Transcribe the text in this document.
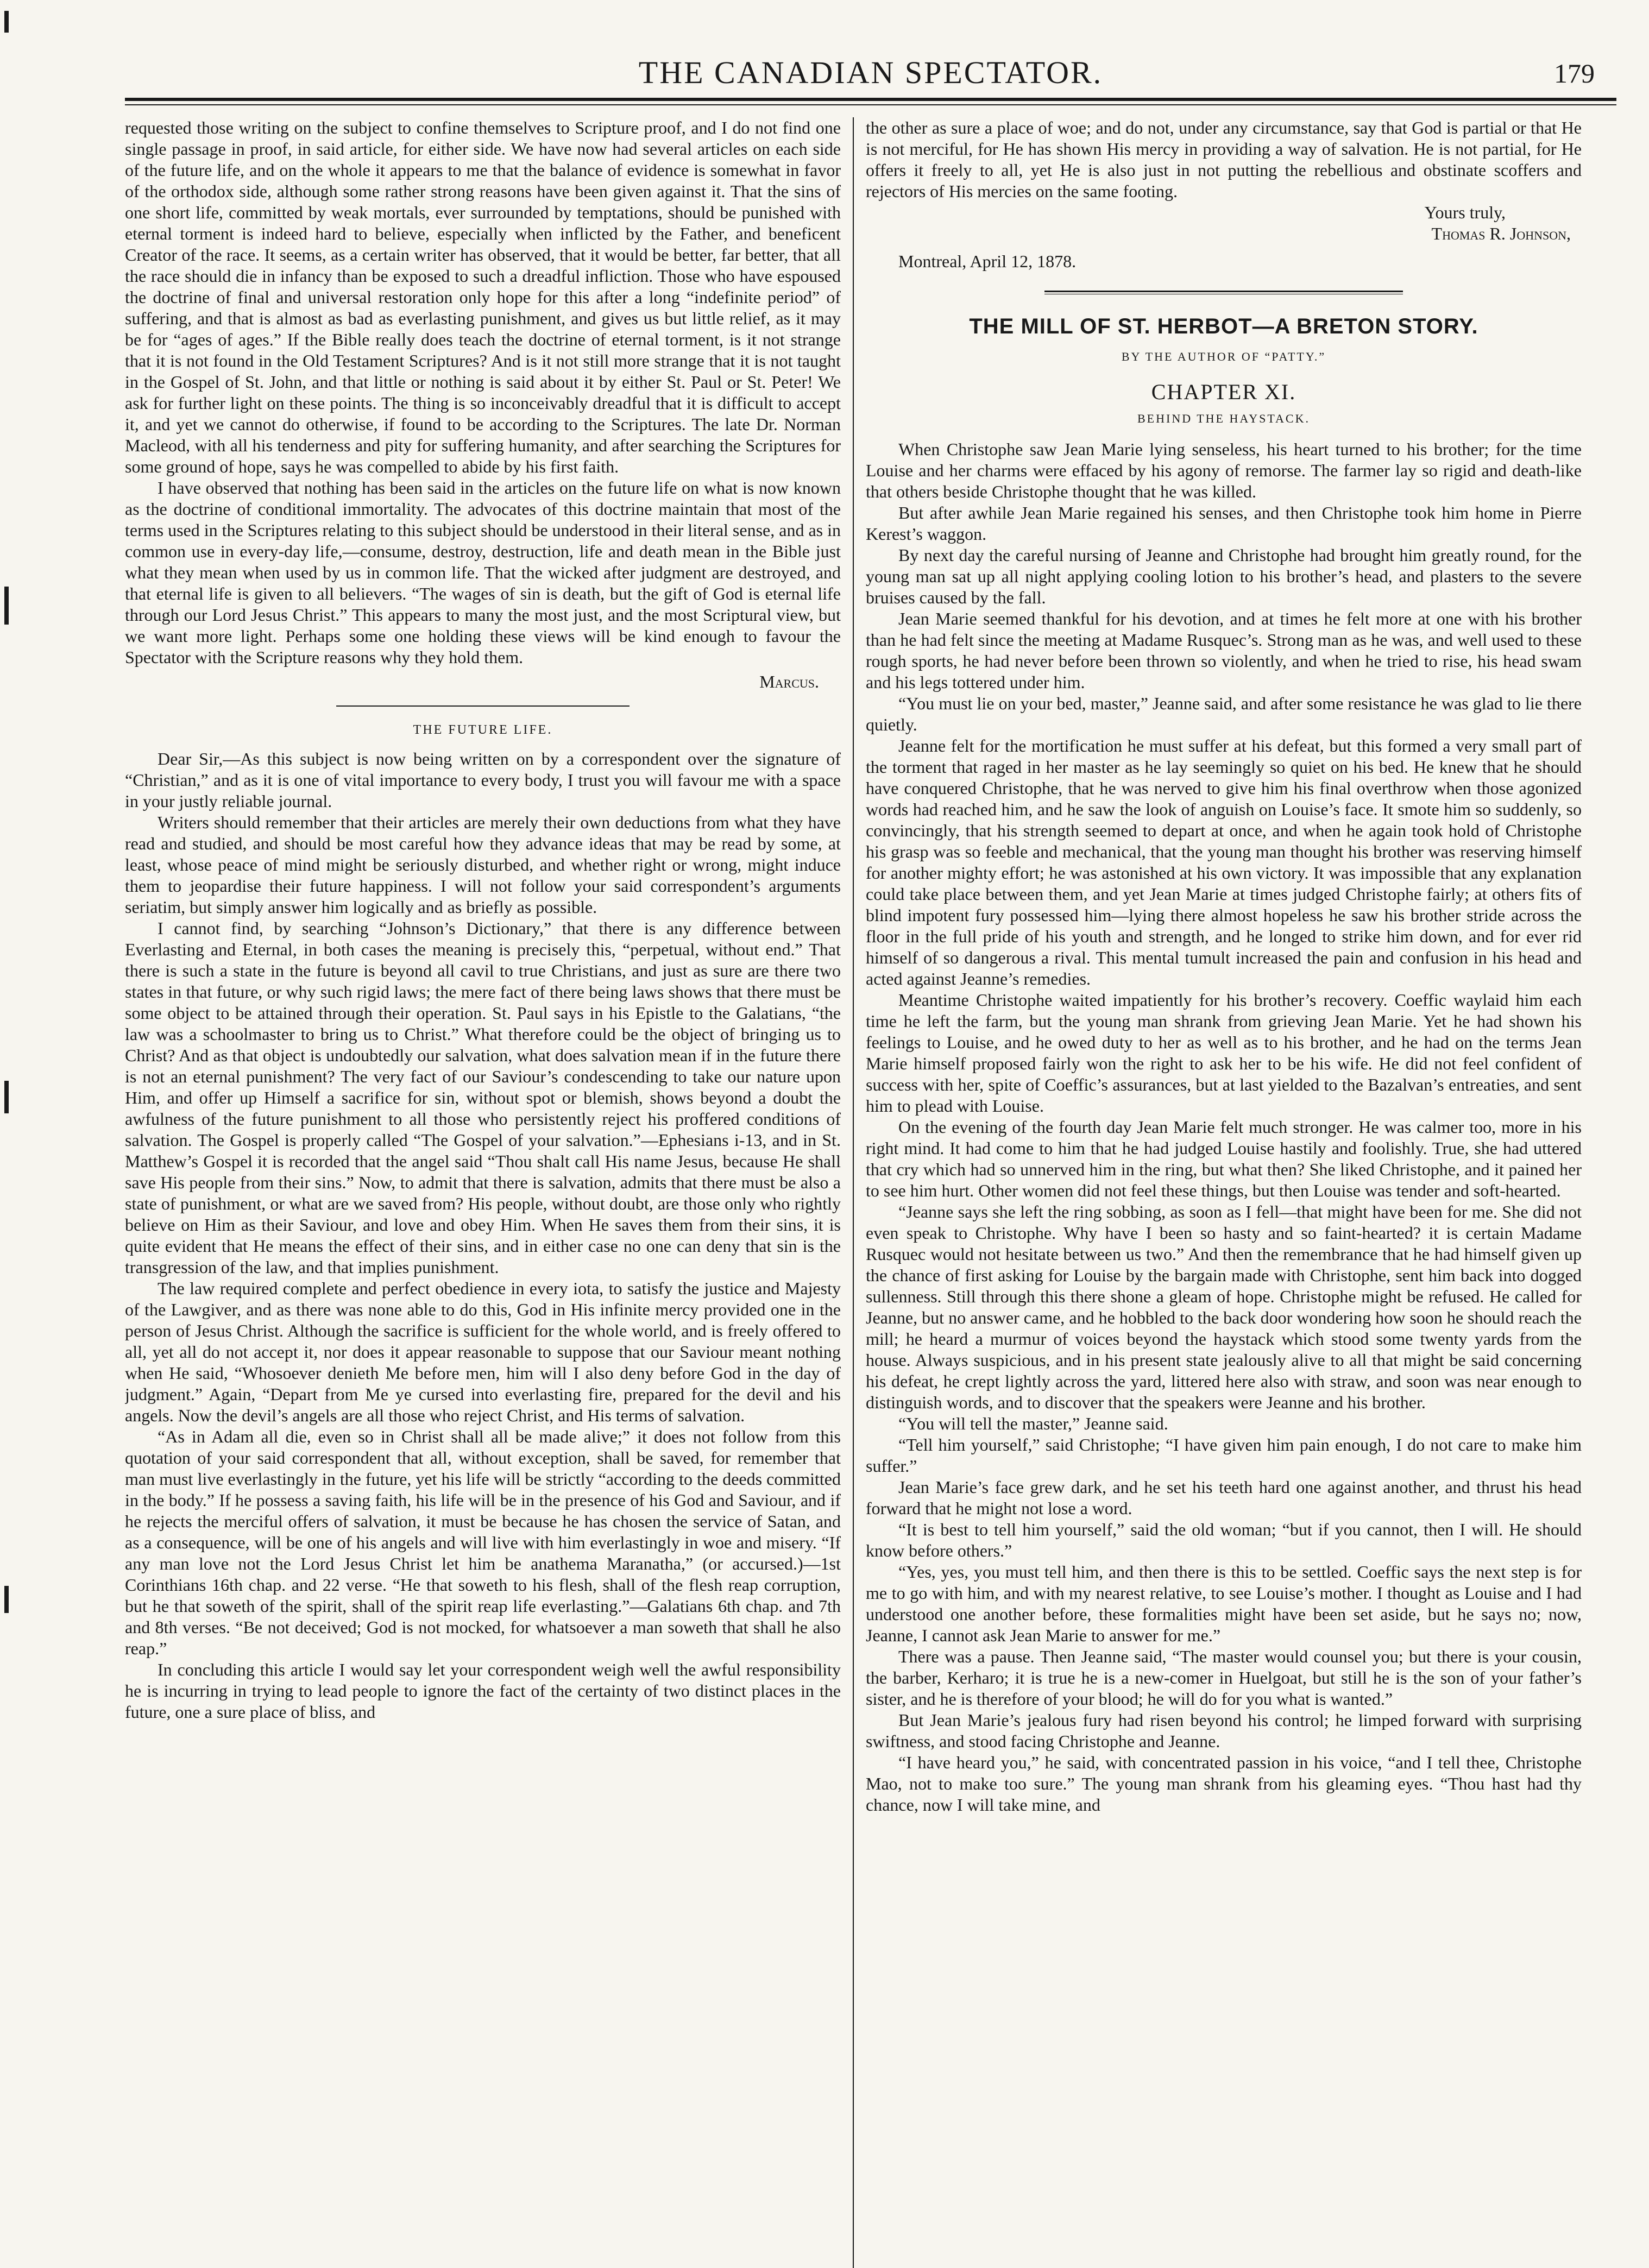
THE CANADIAN SPECTATOR.	179

requested those writing on the subject to confine themselves to Scripture proof, and I do not find one single passage in proof, in said article, for either side. We have now had several articles on each side of the future life, and on the whole it appears to me that the balance of evidence is somewhat in favor of the orthodox side, although some rather strong reasons have been given against it. That the sins of one short life, committed by weak mortals, ever surrounded by temptations, should be punished with eternal torment is indeed hard to believe, especially when inflicted by the Father, and beneficent Creator of the race. It seems, as a certain writer has observed, that it would be better, far better, that all the race should die in infancy than be exposed to such a dreadful infliction. Those who have espoused the doctrine of final and universal restoration only hope for this after a long “indefinite period” of suffering, and that is almost as bad as everlasting punishment, and gives us but little relief, as it may be for “ages of ages.” If the Bible really does teach the doctrine of eternal torment, is it not strange that it is not found in the Old Testament Scriptures? And is it not still more strange that it is not taught in the Gospel of St. John, and that little or nothing is said about it by either St. Paul or St. Peter! We ask for further light on these points. The thing is so inconceivably dreadful that it is difficult to accept it, and yet we cannot do otherwise, if found to be according to the Scriptures. The late Dr. Norman Macleod, with all his tenderness and pity for suffering humanity, and after searching the Scriptures for some ground of hope, says he was compelled to abide by his first faith.

I have observed that nothing has been said in the articles on the future life on what is now known as the doctrine of conditional immortality. The advocates of this doctrine maintain that most of the terms used in the Scriptures relating to this subject should be understood in their literal sense, and as in common use in every-day life,—consume, destroy, destruction, life and death mean in the Bible just what they mean when used by us in common life. That the wicked after judgment are destroyed, and that eternal life is given to all believers. “The wages of sin is death, but the gift of God is eternal life through our Lord Jesus Christ.” This appears to many the most just, and the most Scriptural view, but we want more light. Perhaps some one holding these views will be kind enough to favour the Spectator with the Scripture reasons why they hold them.

Marcus.
THE FUTURE LIFE.

Dear Sir,—As this subject is now being written on by a correspondent over the signature of “Christian,” and as it is one of vital importance to every body, I trust you will favour me with a space in your justly reliable journal.

Writers should remember that their articles are merely their own deductions from what they have read and studied, and should be most careful how they advance ideas that may be read by some, at least, whose peace of mind might be seriously disturbed, and whether right or wrong, might induce them to jeopardise their future happiness. I will not follow your said correspondent’s arguments seriatim, but simply answer him logically and as briefly as possible.

I cannot find, by searching “Johnson’s Dictionary,” that there is any difference between Everlasting and Eternal, in both cases the meaning is precisely this, “perpetual, without end.” That there is such a state in the future is beyond all cavil to true Christians, and just as sure are there two states in that future, or why such rigid laws; the mere fact of there being laws shows that there must be some object to be attained through their operation. St. Paul says in his Epistle to the Galatians, “the law was a schoolmaster to bring us to Christ.” What therefore could be the object of bringing us to Christ? And as that object is undoubtedly our salvation, what does salvation mean if in the future there is not an eternal punishment? The very fact of our Saviour’s condescending to take our nature upon Him, and offer up Himself a sacrifice for sin, without spot or blemish, shows beyond a doubt the awfulness of the future punishment to all those who persistently reject his proffered conditions of salvation. The Gospel is properly called “The Gospel of your salvation.”—Ephesians i-13, and in St. Matthew’s Gospel it is recorded that the angel said “Thou shalt call His name Jesus, because He shall save His people from their sins.” Now, to admit that there is salvation, admits that there must be also a state of punishment, or what are we saved from? His people, without doubt, are those only who rightly believe on Him as their Saviour, and love and obey Him. When He saves them from their sins, it is quite evident that He means the effect of their sins, and in either case no one can deny that sin is the transgression of the law, and that implies punishment.

The law required complete and perfect obedience in every iota, to satisfy the justice and Majesty of the Lawgiver, and as there was none able to do this, God in His infinite mercy provided one in the person of Jesus Christ. Although the sacrifice is sufficient for the whole world, and is freely offered to all, yet all do not accept it, nor does it appear reasonable to suppose that our Saviour meant nothing when He said, “Whosoever denieth Me before men, him will I also deny before God in the day of judgment.” Again, “Depart from Me ye cursed into everlasting fire, prepared for the devil and his angels. Now the devil’s angels are all those who reject Christ, and His terms of salvation.

“As in Adam all die, even so in Christ shall all be made alive;” it does not follow from this quotation of your said correspondent that all, without exception, shall be saved, for remember that man must live everlastingly in the future, yet his life will be strictly “according to the deeds committed in the body.” If he possess a saving faith, his life will be in the presence of his God and Saviour, and if he rejects the merciful offers of salvation, it must be because he has chosen the service of Satan, and as a consequence, will be one of his angels and will live with him everlastingly in woe and misery. “If any man love not the Lord Jesus Christ let him be anathema Maranatha,” (or accursed.)—1st Corinthians 16th chap. and 22 verse. “He that soweth to his flesh, shall of the flesh reap corruption, but he that soweth of the spirit, shall of the spirit reap life everlasting.”—Galatians 6th chap. and 7th and 8th verses. “Be not deceived; God is not mocked, for whatsoever a man soweth that shall he also reap.”

In concluding this article I would say let your correspondent weigh well the awful responsibility he is incurring in trying to lead people to ignore the fact of the certainty of two distinct places in the future, one a sure place of bliss, and

the other as sure a place of woe; and do not, under any circumstance, say that God is partial or that He is not merciful, for He has shown His mercy in providing a way of salvation. He is not partial, for He offers it freely to all, yet He is also just in not putting the rebellious and obstinate scoffers and rejectors of His mercies on the same footing.

Yours truly,
Thomas R. Johnson,
Montreal, April 12, 1878.
THE MILL OF ST. HERBOT—A BRETON STORY.
BY THE AUTHOR OF “PATTY.”
CHAPTER XI.
BEHIND THE HAYSTACK.

When Christophe saw Jean Marie lying senseless, his heart turned to his brother; for the time Louise and her charms were effaced by his agony of remorse. The farmer lay so rigid and death-like that others beside Christophe thought that he was killed.

But after awhile Jean Marie regained his senses, and then Christophe took him home in Pierre Kerest’s waggon.

By next day the careful nursing of Jeanne and Christophe had brought him greatly round, for the young man sat up all night applying cooling lotion to his brother’s head, and plasters to the severe bruises caused by the fall.

Jean Marie seemed thankful for his devotion, and at times he felt more at one with his brother than he had felt since the meeting at Madame Rusquec’s. Strong man as he was, and well used to these rough sports, he had never before been thrown so violently, and when he tried to rise, his head swam and his legs tottered under him.

“You must lie on your bed, master,” Jeanne said, and after some resistance he was glad to lie there quietly.

Jeanne felt for the mortification he must suffer at his defeat, but this formed a very small part of the torment that raged in her master as he lay seemingly so quiet on his bed. He knew that he should have conquered Christophe, that he was nerved to give him his final overthrow when those agonized words had reached him, and he saw the look of anguish on Louise’s face. It smote him so suddenly, so convincingly, that his strength seemed to depart at once, and when he again took hold of Christophe his grasp was so feeble and mechanical, that the young man thought his brother was reserving himself for another mighty effort; he was astonished at his own victory. It was impossible that any explanation could take place between them, and yet Jean Marie at times judged Christophe fairly; at others fits of blind impotent fury possessed him—lying there almost hopeless he saw his brother stride across the floor in the full pride of his youth and strength, and he longed to strike him down, and for ever rid himself of so dangerous a rival. This mental tumult increased the pain and confusion in his head and acted against Jeanne’s remedies.

Meantime Christophe waited impatiently for his brother’s recovery. Coeffic waylaid him each time he left the farm, but the young man shrank from grieving Jean Marie. Yet he had shown his feelings to Louise, and he owed duty to her as well as to his brother, and he had on the terms Jean Marie himself proposed fairly won the right to ask her to be his wife. He did not feel confident of success with her, spite of Coeffic’s assurances, but at last yielded to the Bazalvan’s entreaties, and sent him to plead with Louise.

On the evening of the fourth day Jean Marie felt much stronger. He was calmer too, more in his right mind. It had come to him that he had judged Louise hastily and foolishly. True, she had uttered that cry which had so unnerved him in the ring, but what then? She liked Christophe, and it pained her to see him hurt. Other women did not feel these things, but then Louise was tender and soft-hearted.

“Jeanne says she left the ring sobbing, as soon as I fell—that might have been for me. She did not even speak to Christophe. Why have I been so hasty and so faint-hearted? it is certain Madame Rusquec would not hesitate between us two.” And then the remembrance that he had himself given up the chance of first asking for Louise by the bargain made with Christophe, sent him back into dogged sullenness. Still through this there shone a gleam of hope. Christophe might be refused. He called for Jeanne, but no answer came, and he hobbled to the back door wondering how soon he should reach the mill; he heard a murmur of voices beyond the haystack which stood some twenty yards from the house. Always suspicious, and in his present state jealously alive to all that might be said concerning his defeat, he crept lightly across the yard, littered here also with straw, and soon was near enough to distinguish words, and to discover that the speakers were Jeanne and his brother.

“You will tell the master,” Jeanne said.

“Tell him yourself,” said Christophe; “I have given him pain enough, I do not care to make him suffer.”

Jean Marie’s face grew dark, and he set his teeth hard one against another, and thrust his head forward that he might not lose a word.

“It is best to tell him yourself,” said the old woman; “but if you cannot, then I will. He should know before others.”

“Yes, yes, you must tell him, and then there is this to be settled. Coeffic says the next step is for me to go with him, and with my nearest relative, to see Louise’s mother. I thought as Louise and I had understood one another before, these formalities might have been set aside, but he says no; now, Jeanne, I cannot ask Jean Marie to answer for me.”

There was a pause. Then Jeanne said, “The master would counsel you; but there is your cousin, the barber, Kerharo; it is true he is a new-comer in Huelgoat, but still he is the son of your father’s sister, and he is therefore of your blood; he will do for you what is wanted.”

But Jean Marie’s jealous fury had risen beyond his control; he limped forward with surprising swiftness, and stood facing Christophe and Jeanne.

“I have heard you,” he said, with concentrated passion in his voice, “and I tell thee, Christophe Mao, not to make too sure.” The young man shrank from his gleaming eyes. “Thou hast had thy chance, now I will take mine, and
